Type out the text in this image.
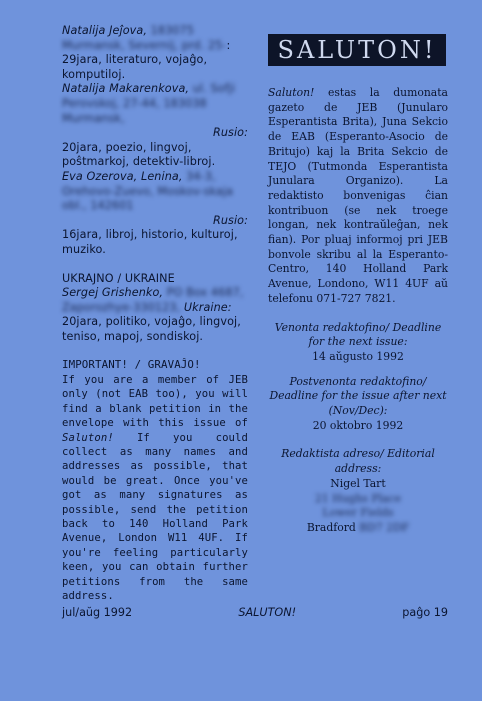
Natalija Jeĵova, 183075 Murmansk, Severnij, prd. 25-: 29jara, literaturo, vojaĝo, komputiloj.
Natalija Makarenkova, ul. Sofji Perovskoj, 27-44, 183038 Murmansk,
Rusio:
20jara, poezio, lingvoj, poŝtmarkoj, detektiv-libroj.
Eva Ozerova, Lenina, 34-3, Orehovo-Zuevo, Moskov-skaja obl., 142601
Rusio:
16jara, libroj, historio, kulturoj, muziko.
UKRAJNO / UKRAINE
Sergej Grishenko, PO Box 4687, Zaporozhye-330123, Ukraine: 20jara, politiko, vojaĝo, lingvoj, teniso, mapoj, sondiskoj.
IMPORTANT! / GRAVAĴO!
If you are a member of JEB only (not EAB too), you will find a blank petition in the envelope with this issue of Saluton! If you could collect as many names and addresses as possible, that would be great. Once you've got as many signatures as possible, send the petition back to 140 Holland Park Avenue, London W11 4UF. If you're feeling particularly keen, you can obtain further petitions from the same address.
SALUTON!
Saluton! estas la dumonata gazeto de JEB (Junularo Esperantista Brita), Juna Sekcio de EAB (Esperanto-Asocio de Britujo) kaj la Brita Sekcio de TEJO (Tutmonda Esperantista Junulara Organizo). La redaktisto bonvenigas ĉian kontribuon (se nek troege longan, nek kontraŭleĝan, nek fian). Por pluaj informoj pri JEB bonvole skribu al la Esperanto-Centro, 140 Holland Park Avenue, Londono, W11 4UF aŭ telefonu 071-727 7821.
Venonta redaktofino/ Deadline for the next issue:
14 aŭgusto 1992
Postvenonta redaktofino/ Deadline for the issue after next (Nov/Dec):
20 oktobro 1992
Redaktista adreso/ Editorial address:
Nigel Tart
21 Hughs Place
Lower Fields
Bradford BD7 2DF
jul/aŭg 1992	SALUTON!	paĝo 19
